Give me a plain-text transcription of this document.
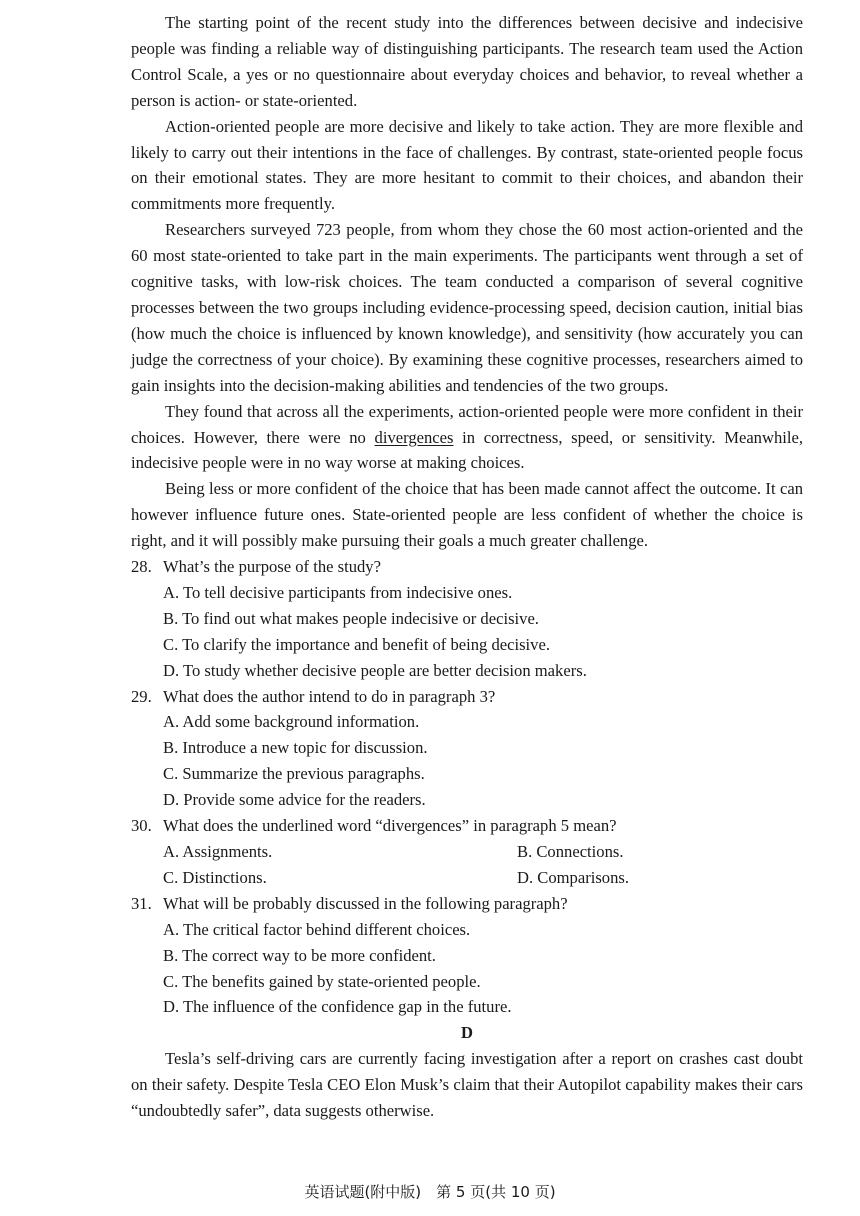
The starting point of the recent study into the differences between decisive and indecisive people was finding a reliable way of distinguishing participants. The research team used the Action Control Scale, a yes or no questionnaire about everyday choices and behavior, to reveal whether a person is action- or state-oriented.

Action-oriented people are more decisive and likely to take action. They are more flexible and likely to carry out their intentions in the face of challenges. By contrast, state-oriented people focus on their emotional states. They are more hesitant to commit to their choices, and abandon their commitments more frequently.

Researchers surveyed 723 people, from whom they chose the 60 most action-oriented and the 60 most state-oriented to take part in the main experiments. The participants went through a set of cognitive tasks, with low-risk choices. The team conducted a comparison of several cognitive processes between the two groups including evidence-processing speed, decision caution, initial bias (how much the choice is influenced by known knowledge), and sensitivity (how accurately you can judge the correctness of your choice). By examining these cognitive processes, researchers aimed to gain insights into the decision-making abilities and tendencies of the two groups.

They found that across all the experiments, action-oriented people were more confident in their choices. However, there were no divergences in correctness, speed, or sensitivity. Meanwhile, indecisive people were in no way worse at making choices.

Being less or more confident of the choice that has been made cannot affect the outcome. It can however influence future ones. State-oriented people are less confident of whether the choice is right, and it will possibly make pursuing their goals a much greater challenge.

28. What’s the purpose of the study?
A. To tell decisive participants from indecisive ones.
B. To find out what makes people indecisive or decisive.
C. To clarify the importance and benefit of being decisive.
D. To study whether decisive people are better decision makers.
29. What does the author intend to do in paragraph 3?
A. Add some background information.
B. Introduce a new topic for discussion.
C. Summarize the previous paragraphs.
D. Provide some advice for the readers.
30. What does the underlined word “divergences” in paragraph 5 mean?
A. Assignments.	B. Connections.
C. Distinctions.	D. Comparisons.
31. What will be probably discussed in the following paragraph?
A. The critical factor behind different choices.
B. The correct way to be more confident.
C. The benefits gained by state-oriented people.
D. The influence of the confidence gap in the future.
D

Tesla’s self-driving cars are currently facing investigation after a report on crashes cast doubt on their safety. Despite Tesla CEO Elon Musk’s claim that their Autopilot capability makes their cars “undoubtedly safer”, data suggests otherwise.

英语试题(附中版)　第 5 页(共 10 页)
